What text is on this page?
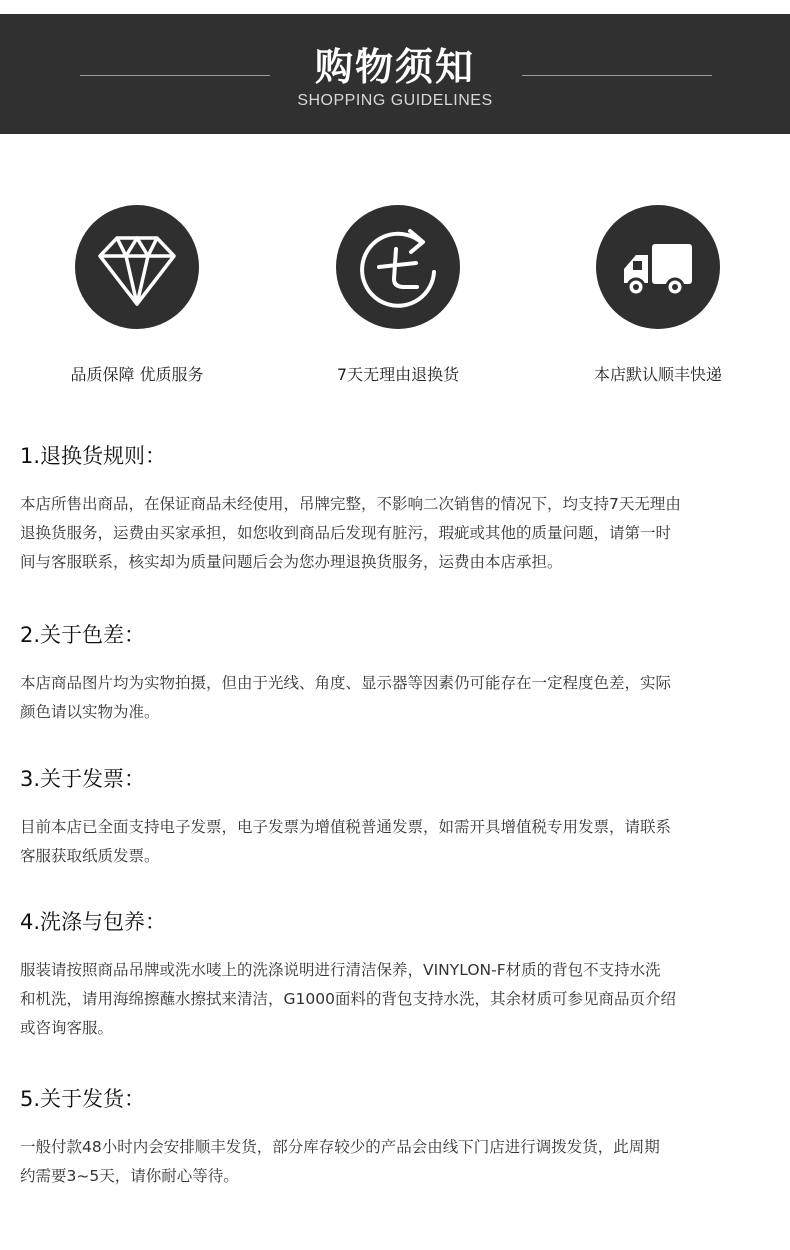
购物须知
SHOPPING GUIDELINES
品质保障 优质服务	7天无理由退换货	本店默认顺丰快递
1.退换货规则：

本店所售出商品，在保证商品未经使用，吊牌完整，不影响二次销售的情况下，均支持7天无理由

退换货服务，运费由买家承担，如您收到商品后发现有脏污，瑕疵或其他的质量问题，请第一时

间与客服联系，核实却为质量问题后会为您办理退换货服务，运费由本店承担。

2.关于色差：

本店商品图片均为实物拍摄，但由于光线、角度、显示器等因素仍可能存在一定程度色差，实际

颜色请以实物为准。

3.关于发票：

目前本店已全面支持电子发票，电子发票为增值税普通发票，如需开具增值税专用发票，请联系

客服获取纸质发票。

4.洗涤与包养：

服装请按照商品吊牌或洗水唛上的洗涤说明进行清洁保养，VINYLON-F材质的背包不支持水洗

和机洗，请用海绵擦蘸水擦拭来清洁，G1000面料的背包支持水洗，其余材质可参见商品页介绍

或咨询客服。

5.关于发货：

一般付款48小时内会安排顺丰发货，部分库存较少的产品会由线下门店进行调拨发货，此周期

约需要3~5天，请你耐心等待。
